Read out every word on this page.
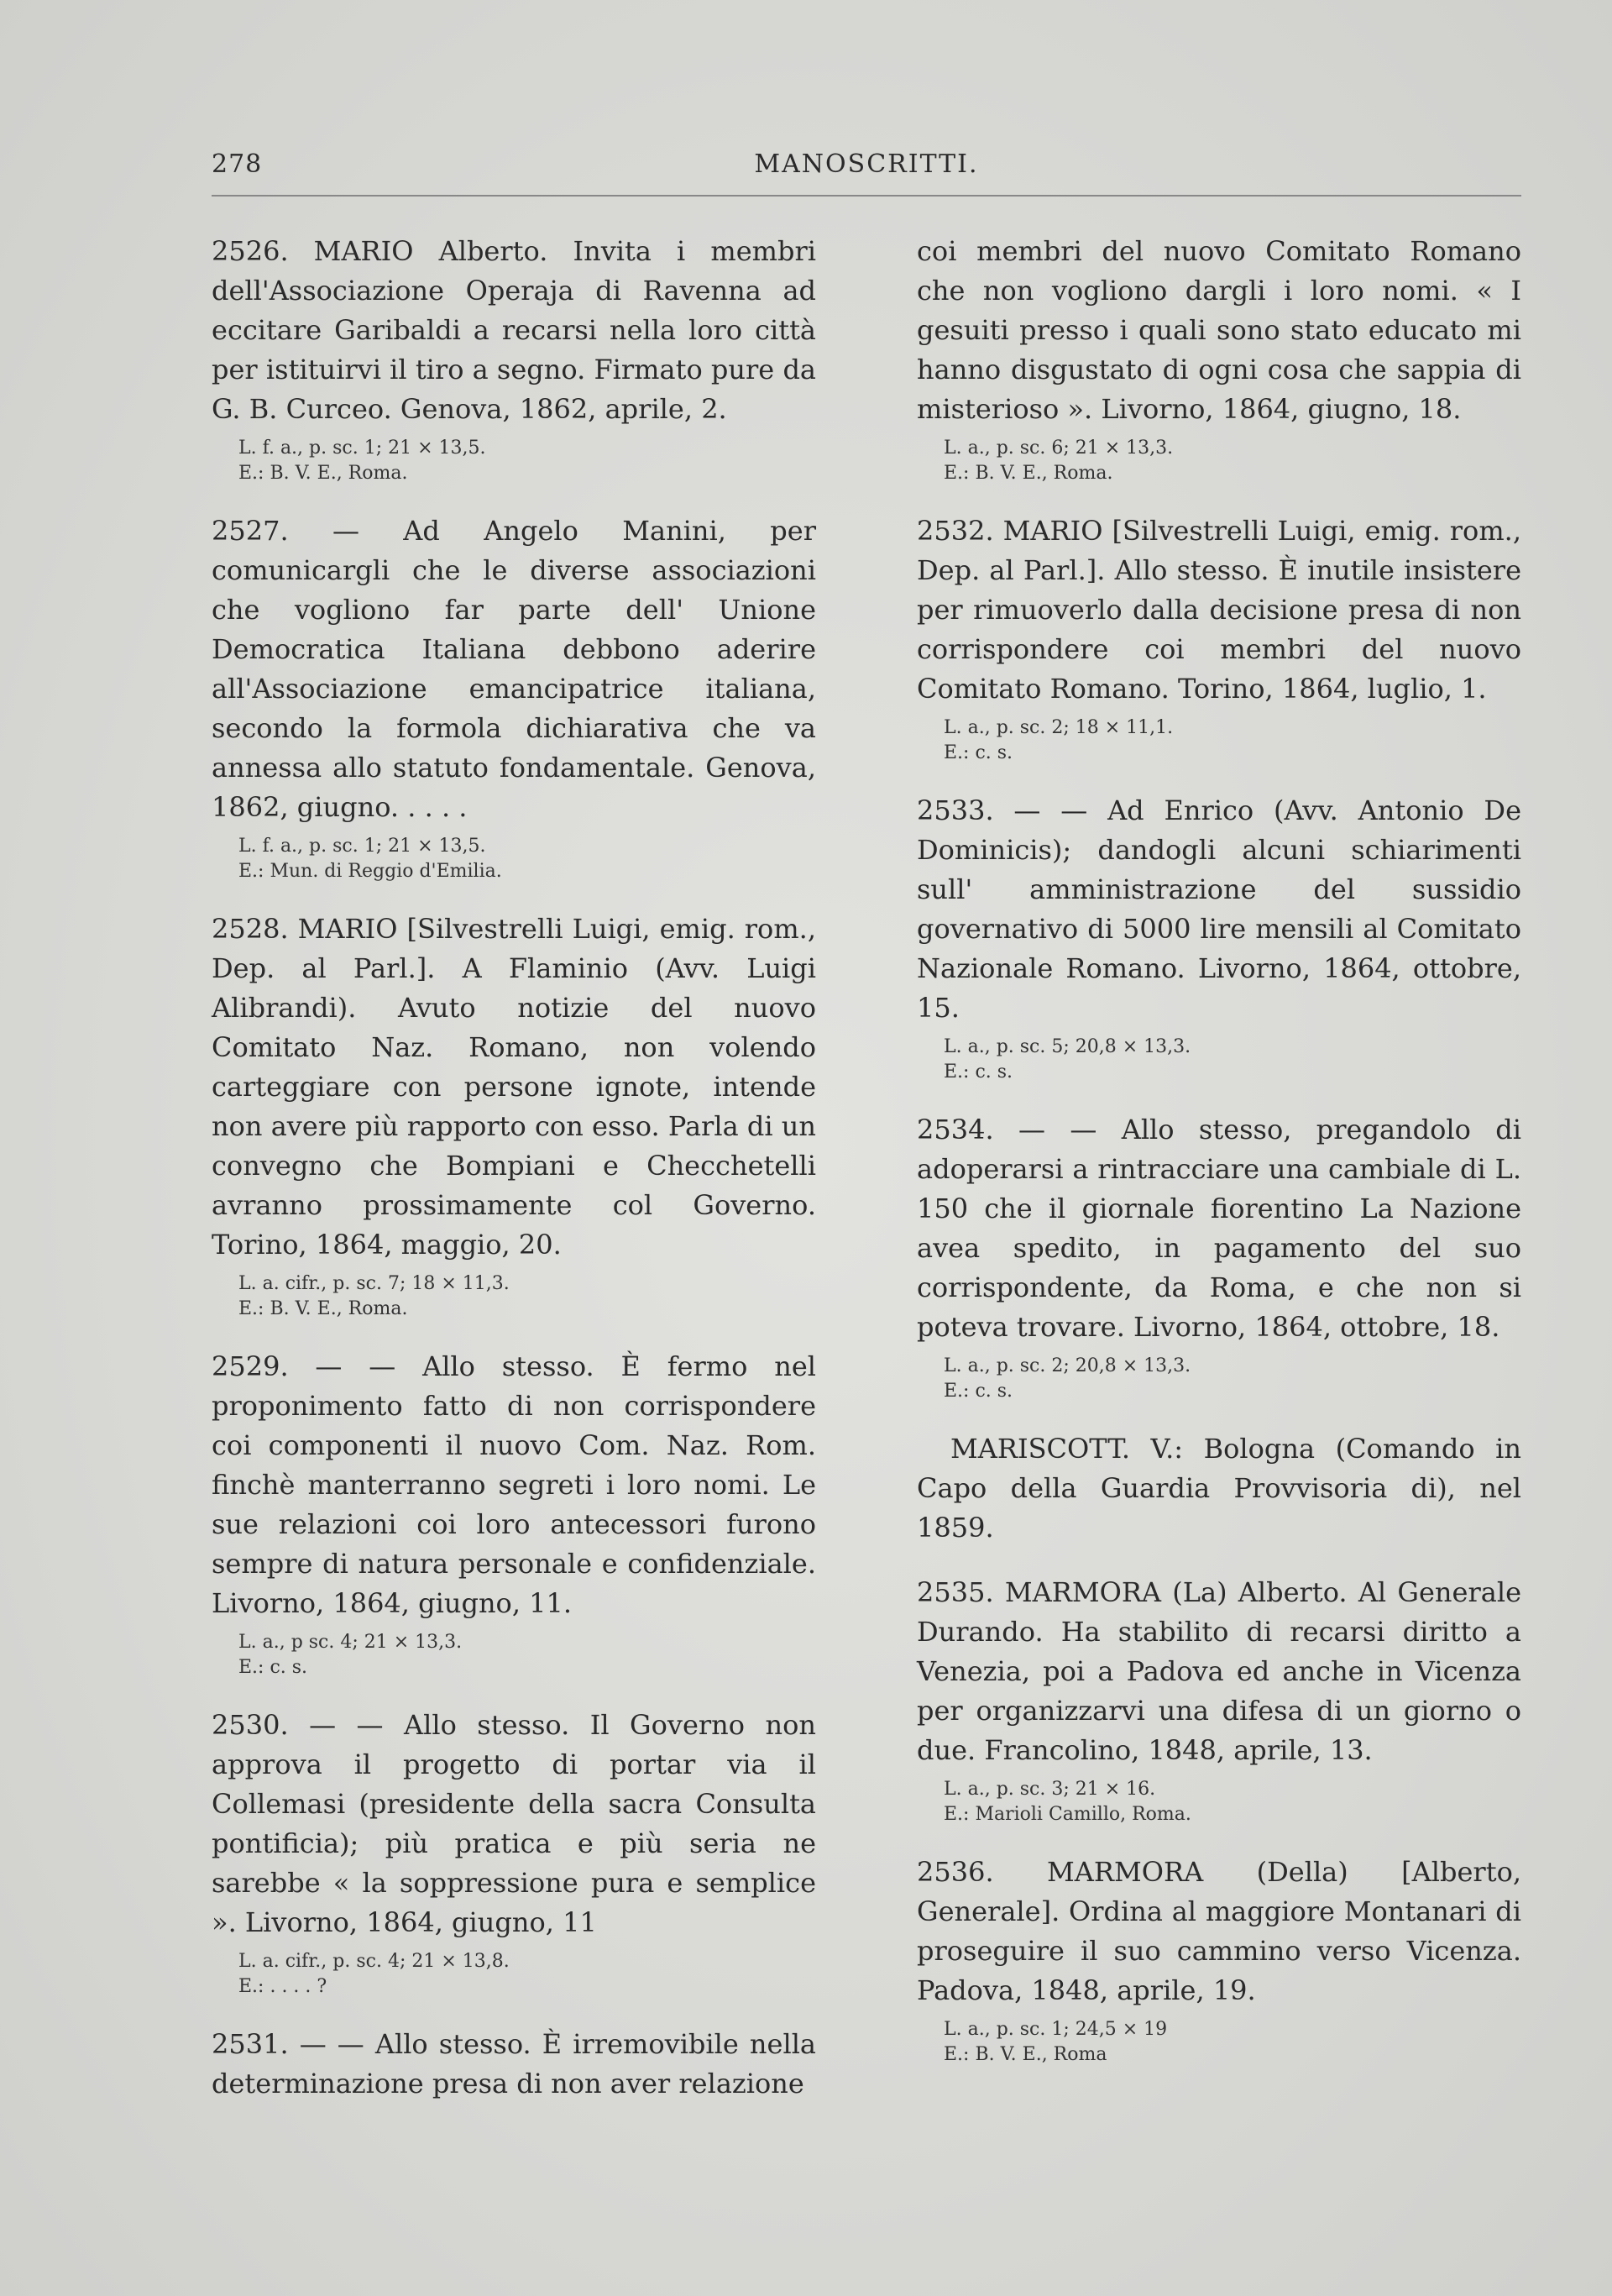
278	MANOSCRITTI.

2526. MARIO Alberto. Invita i membri dell'Associazione Operaja di Ravenna ad eccitare Garibaldi a recarsi nella loro città per istituirvi il tiro a segno. Firmato pure da G. B. Curceo. Genova, 1862, aprile, 2.

L. f. a., p. sc. 1; 21 × 13,5.
E.: B. V. E., Roma.

2527. — Ad Angelo Manini, per comunicargli che le diverse associazioni che vogliono far parte dell' Unione Democratica Italiana debbono aderire all'Associazione emancipatrice italiana, secondo la formola dichiarativa che va annessa allo statuto fondamentale. Genova, 1862, giugno. . . . .

L. f. a., p. sc. 1; 21 × 13,5.
E.: Mun. di Reggio d'Emilia.

2528. MARIO [Silvestrelli Luigi, emig. rom., Dep. al Parl.]. A Flaminio (Avv. Luigi Alibrandi). Avuto notizie del nuovo Comitato Naz. Romano, non volendo carteggiare con persone ignote, intende non avere più rapporto con esso. Parla di un convegno che Bompiani e Checchetelli avranno prossimamente col Governo. Torino, 1864, maggio, 20.

L. a. cifr., p. sc. 7; 18 × 11,3.
E.: B. V. E., Roma.

2529. — — Allo stesso. È fermo nel proponimento fatto di non corrispondere coi componenti il nuovo Com. Naz. Rom. finchè manterranno segreti i loro nomi. Le sue relazioni coi loro antecessori furono sempre di natura personale e confidenziale. Livorno, 1864, giugno, 11.

L. a., p sc. 4; 21 × 13,3.
E.: c. s.

2530. — — Allo stesso. Il Governo non approva il progetto di portar via il Collemasi (presidente della sacra Consulta pontificia); più pratica e più seria ne sarebbe « la soppressione pura e semplice ». Livorno, 1864, giugno, 11

L. a. cifr., p. sc. 4; 21 × 13,8.
E.: . . . . ?

2531. — — Allo stesso. È irremovibile nella determinazione presa di non aver relazione

coi membri del nuovo Comitato Romano che non vogliono dargli i loro nomi. « I gesuiti presso i quali sono stato educato mi hanno disgustato di ogni cosa che sappia di misterioso ». Livorno, 1864, giugno, 18.

L. a., p. sc. 6; 21 × 13,3.
E.: B. V. E., Roma.

2532. MARIO [Silvestrelli Luigi, emig. rom., Dep. al Parl.]. Allo stesso. È inutile insistere per rimuoverlo dalla decisione presa di non corrispondere coi membri del nuovo Comitato Romano. Torino, 1864, luglio, 1.

L. a., p. sc. 2; 18 × 11,1.
E.: c. s.

2533. — — Ad Enrico (Avv. Antonio De Dominicis); dandogli alcuni schiarimenti sull' amministrazione del sussidio governativo di 5000 lire mensili al Comitato Nazionale Romano. Livorno, 1864, ottobre, 15.

L. a., p. sc. 5; 20,8 × 13,3.
E.: c. s.

2534. — — Allo stesso, pregandolo di adoperarsi a rintracciare una cambiale di L. 150 che il giornale fiorentino La Nazione avea spedito, in pagamento del suo corrispondente, da Roma, e che non si poteva trovare. Livorno, 1864, ottobre, 18.

L. a., p. sc. 2; 20,8 × 13,3.
E.: c. s.

MARISCOTT. V.: Bologna (Comando in Capo della Guardia Provvisoria di), nel 1859.

2535. MARMORA (La) Alberto. Al Generale Durando. Ha stabilito di recarsi diritto a Venezia, poi a Padova ed anche in Vicenza per organizzarvi una difesa di un giorno o due. Francolino, 1848, aprile, 13.

L. a., p. sc. 3; 21 × 16.
E.: Marioli Camillo, Roma.

2536. MARMORA (Della) [Alberto, Generale]. Ordina al maggiore Montanari di proseguire il suo cammino verso Vicenza. Padova, 1848, aprile, 19.

L. a., p. sc. 1; 24,5 × 19
E.: B. V. E., Roma
